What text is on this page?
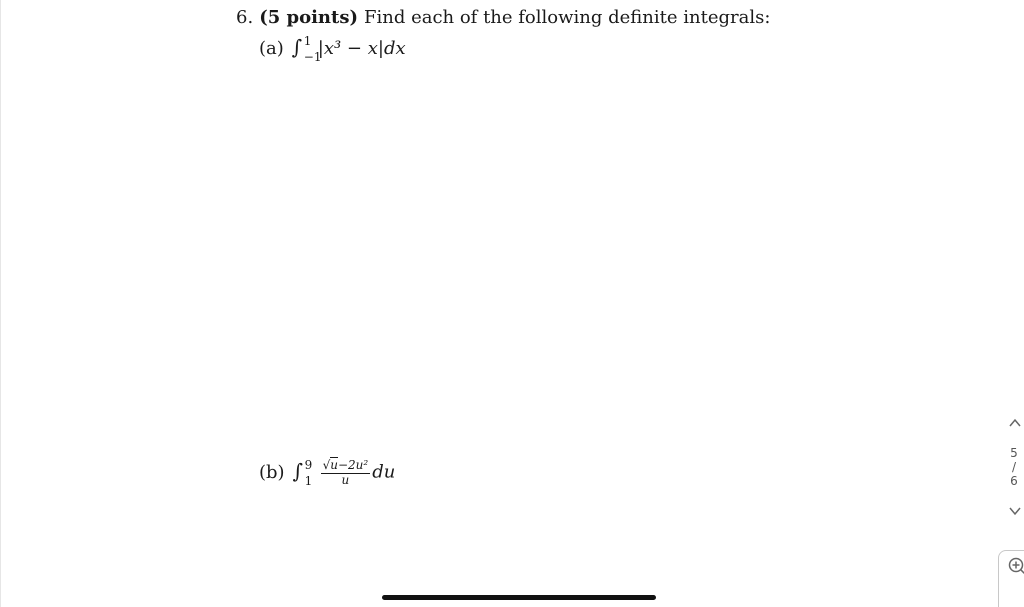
6. (5 points) Find each of the following definite integrals:
(a) ∫ 1
−1
|x³ − x|dx
(b) ∫ 9
$1 \frac{\text{√u−2u²}}{u}$ du
5
/
6
